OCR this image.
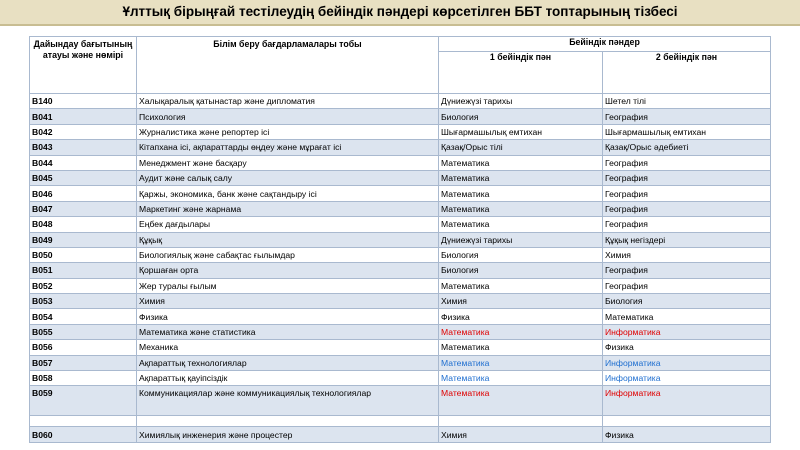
Ұлттық бірыңғай тестілеудің бейіндік пәндері көрсетілген ББТ топтарының тізбесі
Дайындау бағытының атауы және нөмірі	Білім беру бағдарламалары тобы	Бейіндік пәндер	
		1 бейіндік пән	2 бейіндік пән
B140	Халықаралық қатынастар және дипломатия	Дүниежүзі тарихы	Шетел тілі
B041	Психология	Биология	География
B042	Журналистика және репортер ісі	Шығармашылық емтихан	Шығармашылық емтихан
B043	Кітапхана ісі, ақпараттарды өңдеу және мұрағат ісі	Қазақ/Орыс тілі	Қазақ/Орыс әдебиеті
B044	Менеджмент және басқару	Математика	География
B045	Аудит және салық салу	Математика	География
B046	Қаржы, экономика, банк және сақтандыру ісі	Математика	География
B047	Маркетинг және жарнама	Математика	География
B048	Еңбек дағдылары	Математика	География
B049	Құқық	Дүниежүзі тарихы	Құқық негіздері
B050	Биологиялық және сабақтас ғылымдар	Биология	Химия
B051	Қоршаған орта	Биология	География
B052	Жер туралы ғылым	Математика	География
B053	Химия	Химия	Биология
B054	Физика	Физика	Математика
B055	Математика және статистика	Математика	Информатика
B056	Механика	Математика	Физика
B057	Ақпараттық технологиялар	Математика	Информатика
B058	Ақпараттық қауіпсіздік	Математика	Информатика
B059	Коммуникациялар және коммуникациялық технологиялар	Математика	Информатика

B060	Химиялық инженерия және процестер	Химия	Физика
